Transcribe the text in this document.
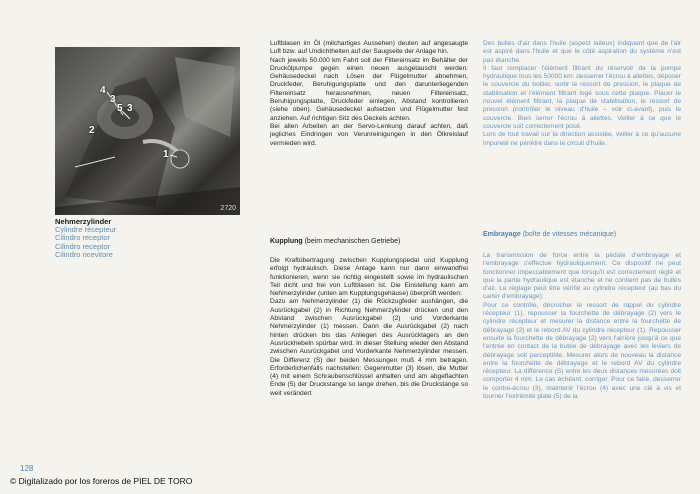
4
3
5 3
2
1
2720
Nehmerzylinder
Cylindre récepteur
Cilindro receptor
Cilindro receptor
Cilindro ricevitore
Luftblasen im Öl (milchartiges Aussehen) deuten auf angesaugte Luft bzw. auf Undichtheiten auf der Saugseite der Anlage hin.
Nach jeweils 50.000 km Fahrt soll der Filtereinsatz im Behälter der Druckölpumpe gegen einen neuen ausgetauscht werden: Gehäusedeckel nach Lösen der Flügelmutter abnehmen, Druckfeder, Beruhigungsplatte und den darunterliegenden Filtereinsatz herausnehmen, neuen Filtereinsatz, Beruhigungsplatte, Druckfeder einlegen, Abstand kontrollieren (siehe oben). Gehäusedeckel aufsetzen und Flügelmutter fest anziehen. Auf richtigen Sitz des Deckels achten.
Bei allen Arbeiten an der Servo-Lenkung darauf achten, daß jegliches Eindringen von Verunreinigungen in den Ölkreislauf vermieden wird.
Des bulles d'air dans l'huile (aspect laiteux) indiquent que de l'air est aspiré dans l'huile et que le côté aspiration du système n'est pas étanche.
Il faut remplacer l'élément filtrant du réservoir de la pompe hydraulique tous les 50000 km: desserrer l'écrou à ailettes, déposer le couvercle du boitier, sortir le ressort de pression, le plaque de stabilisation et l'élément filtrant logé sous cette plaque. Placer le nouvel élément filtrant, la plaque de stabilisation, le ressort de pression (contrôler le niveau d'huile – voir ci-avant), puis le couvercle. Bien serrer l'écrou à ailettes. Veiller à ce que le couvercle soit correctement posé.
Lors de tout travail sur la direction assistée, veiller à ce qu'aucune impureté ne pénètre dans le circuit d'huile.
Kupplung (beim mechanischen Getriebe)
Embrayage (boîte de vitesses mécanique)
Die Kraftübertragung zwischen Kupplungspedal und Kupplung erfolgt hydraulisch. Diese Anlage kann nur dann einwandfrei funktionieren, wenn sie richtig eingestellt sowie im hydraulischen Teil dicht und frei von Luftblasen ist. Die Einstellung kann am Nehmerzylinder (unten am Kupplungsgehäuse) überprüft werden:
Dazu am Nehmerzylinder (1) die Rückzugfeder aushängen, die Ausrückgabel (2) in Richtung Nehmerzylinder drücken und den Abstand zwischen Ausrückgabel (2) und Vorderkante Nehmerzylinder (1) messen. Dann die Ausrückgabel (2) nach hinten drücken bis das Anliegen des Ausrücklagers an den Ausrückhebeln spürbar wird. In dieser Stellung wieder den Abstand zwischen Ausrückgabel und Vorderkante Nehmerzylinder messen. Die Differenz (S) der beiden Messungen muß 4 mm betragen. Erforderlichenfalls nachstellen: Gegenmutter (3) lösen, die Mutter (4) mit einem Schraubenschlüssel anhalten und am abgeflachten Ende (5) der Druckstange so lange drehen, bis die Druckstange so weit verändert
La transmission de force entre la pédale d'embrayage et l'embrayage s'effectue hydrauliquement. Ce dispositif ne peut fonctionner impeccablement que lorsqu'il est correctement réglé et que la partie hydraulique est étanche et ne contient pas de bulles d'air. Le réglage peut être vérifié au cylindre récepteur (au bas du carter d'embrayage):
Pour ce contrôle, décrocher le ressort de rappel du cylindre récepteur (1), repousser la fourchette de débrayage (2) vers le cylindre récepteur et mesurer la distance entre la fourchette de débrayage (2) et le rebord AV du cylindre récepteur (1). Repousser ensuite la fourchette de débrayage (2) vers l'arrière jusqu'à ce que l'entrée en contact de la butée de débrayage avec les leviers de débrayage soit perceptible. Mesurer alors de nouveau la distance entre la fourchette de débrayage et le rebord AV du cylindre récepteur. La différence (S) entre les deux distances mesurées doit comporter 4 mm. Le cas échéant, corriger. Pour ce faire, desserrer le contre-écrou (3), maintenir l'écrou (4) avec une clé à vis et tourner l'extrémité plate (5) de la
128
© Digitalizado por los foreros de PIEL DE TORO
